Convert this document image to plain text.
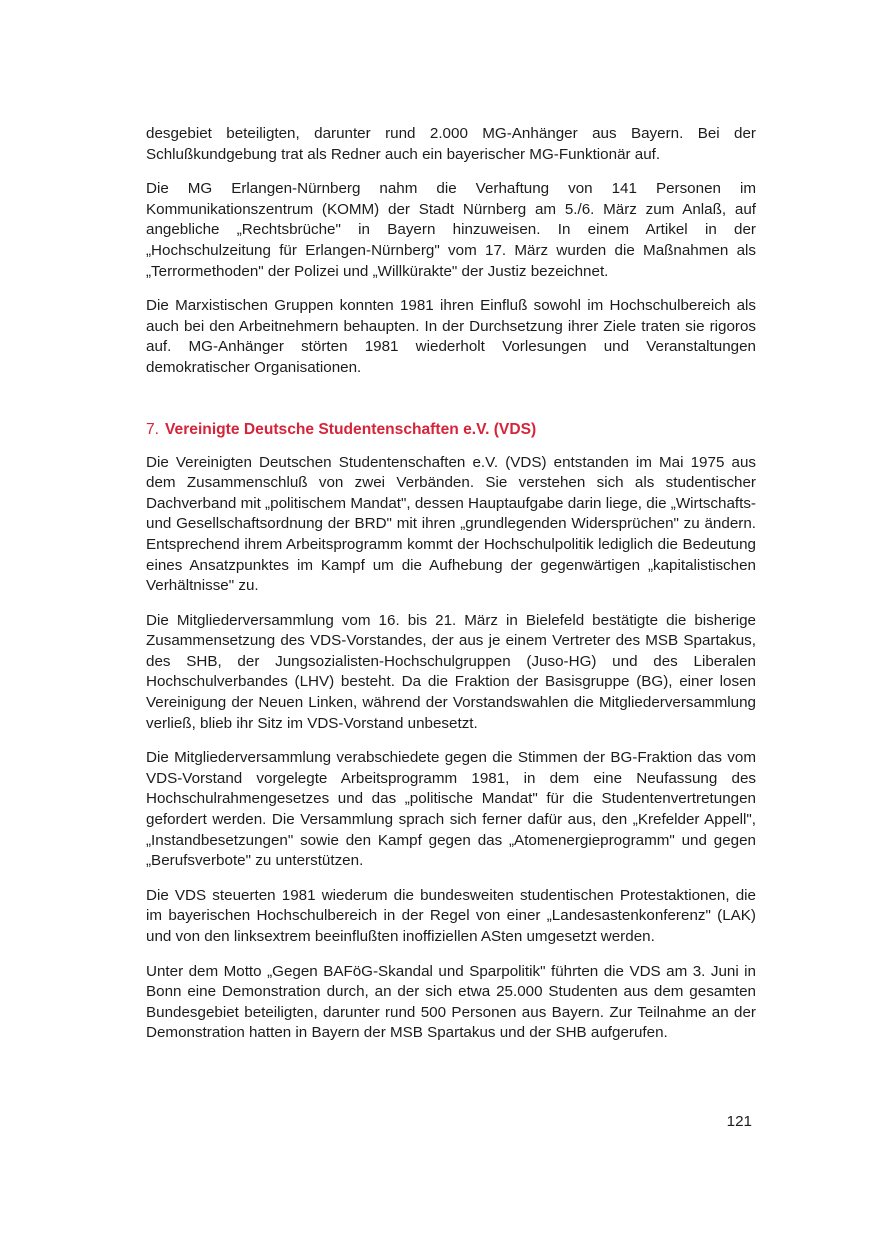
desgebiet beteiligten, darunter rund 2.000 MG-Anhänger aus Bayern. Bei der Schlußkundgebung trat als Redner auch ein bayerischer MG-Funktionär auf.

Die MG Erlangen-Nürnberg nahm die Verhaftung von 141 Personen im Kommunikationszentrum (KOMM) der Stadt Nürnberg am 5./6. März zum Anlaß, auf angebliche „Rechtsbrüche" in Bayern hinzuweisen. In einem Artikel in der „Hochschulzeitung für Erlangen-Nürnberg" vom 17. März wurden die Maßnahmen als „Terrormethoden" der Polizei und „Willkürakte" der Justiz bezeichnet.

Die Marxistischen Gruppen konnten 1981 ihren Einfluß sowohl im Hochschulbereich als auch bei den Arbeitnehmern behaupten. In der Durchsetzung ihrer Ziele traten sie rigoros auf. MG-Anhänger störten 1981 wiederholt Vorlesungen und Veranstaltungen demokratischer Organisationen.

7. Vereinigte Deutsche Studentenschaften e.V. (VDS)

Die Vereinigten Deutschen Studentenschaften e.V. (VDS) entstanden im Mai 1975 aus dem Zusammenschluß von zwei Verbänden. Sie verstehen sich als studentischer Dachverband mit „politischem Mandat", dessen Hauptaufgabe darin liege, die „Wirtschafts- und Gesellschaftsordnung der BRD" mit ihren „grundlegenden Widersprüchen" zu ändern. Entsprechend ihrem Arbeitsprogramm kommt der Hochschulpolitik lediglich die Bedeutung eines Ansatzpunktes im Kampf um die Aufhebung der gegenwärtigen „kapitalistischen Verhältnisse" zu.

Die Mitgliederversammlung vom 16. bis 21. März in Bielefeld bestätigte die bisherige Zusammensetzung des VDS-Vorstandes, der aus je einem Vertreter des MSB Spartakus, des SHB, der Jungsozialisten-Hochschulgruppen (Juso-HG) und des Liberalen Hochschulverbandes (LHV) besteht. Da die Fraktion der Basisgruppe (BG), einer losen Vereinigung der Neuen Linken, während der Vorstandswahlen die Mitgliederversammlung verließ, blieb ihr Sitz im VDS-Vorstand unbesetzt.

Die Mitgliederversammlung verabschiedete gegen die Stimmen der BG-Fraktion das vom VDS-Vorstand vorgelegte Arbeitsprogramm 1981, in dem eine Neufassung des Hochschulrahmengesetzes und das „politische Mandat" für die Studentenvertretungen gefordert werden. Die Versammlung sprach sich ferner dafür aus, den „Krefelder Appell", „Instandbesetzungen" sowie den Kampf gegen das „Atomenergieprogramm" und gegen „Berufsverbote" zu unterstützen.

Die VDS steuerten 1981 wiederum die bundesweiten studentischen Protestaktionen, die im bayerischen Hochschulbereich in der Regel von einer „Landesastenkonferenz" (LAK) und von den linksextrem beeinflußten inoffiziellen ASten umgesetzt werden.

Unter dem Motto „Gegen BAFöG-Skandal und Sparpolitik" führten die VDS am 3. Juni in Bonn eine Demonstration durch, an der sich etwa 25.000 Studenten aus dem gesamten Bundesgebiet beteiligten, darunter rund 500 Personen aus Bayern. Zur Teilnahme an der Demonstration hatten in Bayern der MSB Spartakus und der SHB aufgerufen.

121
